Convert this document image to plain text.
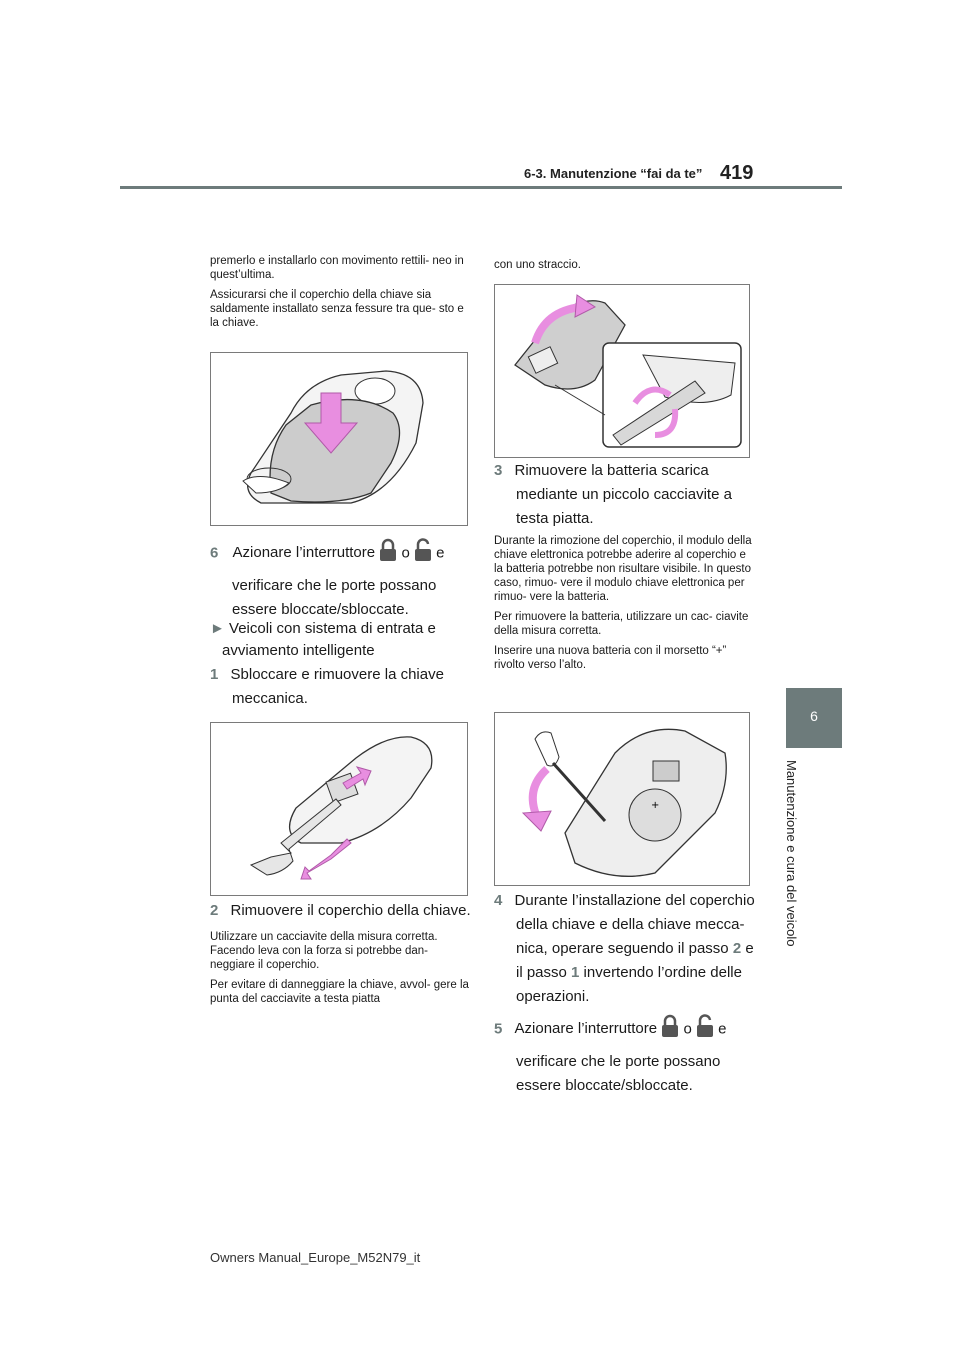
6-3. Manutenzione “fai da te” 419
6
Manutenzione e cura del veicolo

premerlo e installarlo con movimento rettili- neo in quest’ultima.

Assicurarsi che il coperchio della chiave sia saldamente installato senza fessure tra que- sto e la chiave.

6 Azionare l’interruttore o e
verificare che le porte possano
essere bloccate/sbloccate.
► Veicoli con sistema di entrata e
avviamento intelligente
1 Sbloccare e rimuovere la chiave
meccanica.
2 Rimuovere il coperchio della chiave.

Utilizzare un cacciavite della misura corretta. Facendo leva con la forza si potrebbe dan- neggiare il coperchio.

Per evitare di danneggiare la chiave, avvol- gere la punta del cacciavite a testa piatta

con uno straccio.
3 Rimuovere la batteria scarica
mediante un piccolo cacciavite a
testa piatta.

Durante la rimozione del coperchio, il modulo della chiave elettronica potrebbe aderire al coperchio e la batteria potrebbe non risultare visibile. In questo caso, rimuo- vere il modulo chiave elettronica per rimuo- vere la batteria.

Per rimuovere la batteria, utilizzare un cac- ciavite della misura corretta.

Inserire una nuova batteria con il morsetto “+” rivolto verso l’alto.

+
4 Durante l’installazione del coperchio
della chiave e della chiave mecca-
nica, operare seguendo il passo 2 e
il passo 1 invertendo l’ordine delle
operazioni.
5 Azionare l’interruttore o e
verificare che le porte possano
essere bloccate/sbloccate.
Owners Manual_Europe_M52N79_it
